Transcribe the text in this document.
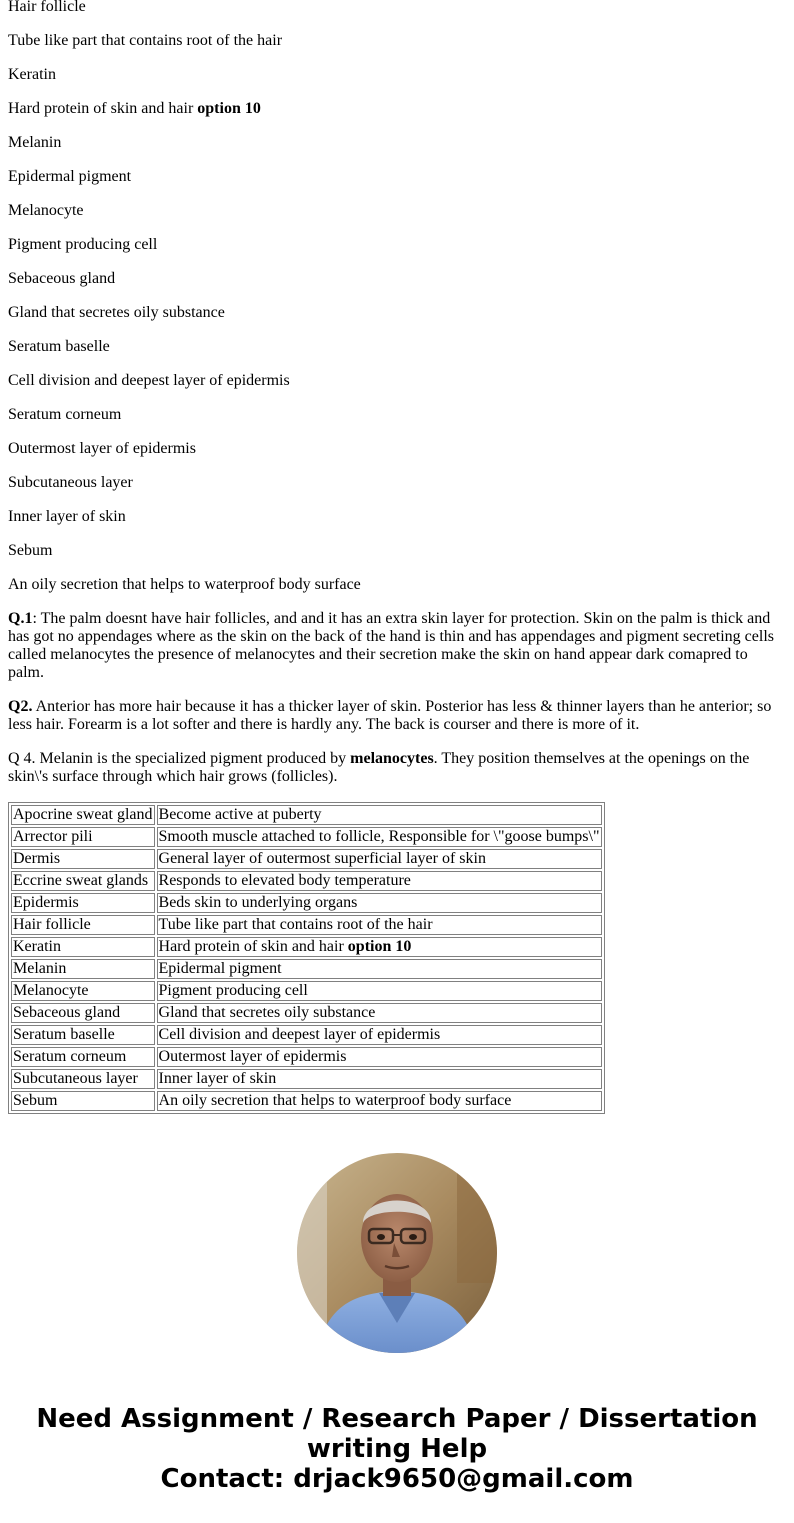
Hair follicle

Tube like part that contains root of the hair

Keratin

Hard protein of skin and hair option 10

Melanin

Epidermal pigment

Melanocyte

Pigment producing cell

Sebaceous gland

Gland that secretes oily substance

Seratum baselle

Cell division and deepest layer of epidermis

Seratum corneum

Outermost layer of epidermis

Subcutaneous layer

Inner layer of skin

Sebum

An oily secretion that helps to waterproof body surface

Q.1: The palm doesnt have hair follicles, and and it has an extra skin layer for protection. Skin on the palm is thick and has got no appendages where as the skin on the back of the hand is thin and has appendages and pigment secreting cells called melanocytes the presence of melanocytes and their secretion make the skin on hand appear dark comapred to palm.

Q2. Anterior has more hair because it has a thicker layer of skin. Posterior has less & thinner layers than he anterior; so less hair. Forearm is a lot softer and there is hardly any. The back is courser and there is more of it.

Q 4. Melanin is the specialized pigment produced by melanocytes. They position themselves at the openings on the skin\'s surface through which hair grows (follicles).

Apocrine sweat gland	Become active at puberty
Arrector pili	Smooth muscle attached to follicle, Responsible for \"goose bumps\"
Dermis	General layer of outermost superficial layer of skin
Eccrine sweat glands	Responds to elevated body temperature
Epidermis	Beds skin to underlying organs
Hair follicle	Tube like part that contains root of the hair
Keratin	Hard protein of skin and hair option 10
Melanin	Epidermal pigment
Melanocyte	Pigment producing cell
Sebaceous gland	Gland that secretes oily substance
Seratum baselle	Cell division and deepest layer of epidermis
Seratum corneum	Outermost layer of epidermis
Subcutaneous layer	Inner layer of skin
Sebum	An oily secretion that helps to waterproof body surface
Need Assignment / Research Paper / Dissertation
writing Help
Contact: drjack9650@gmail.com
